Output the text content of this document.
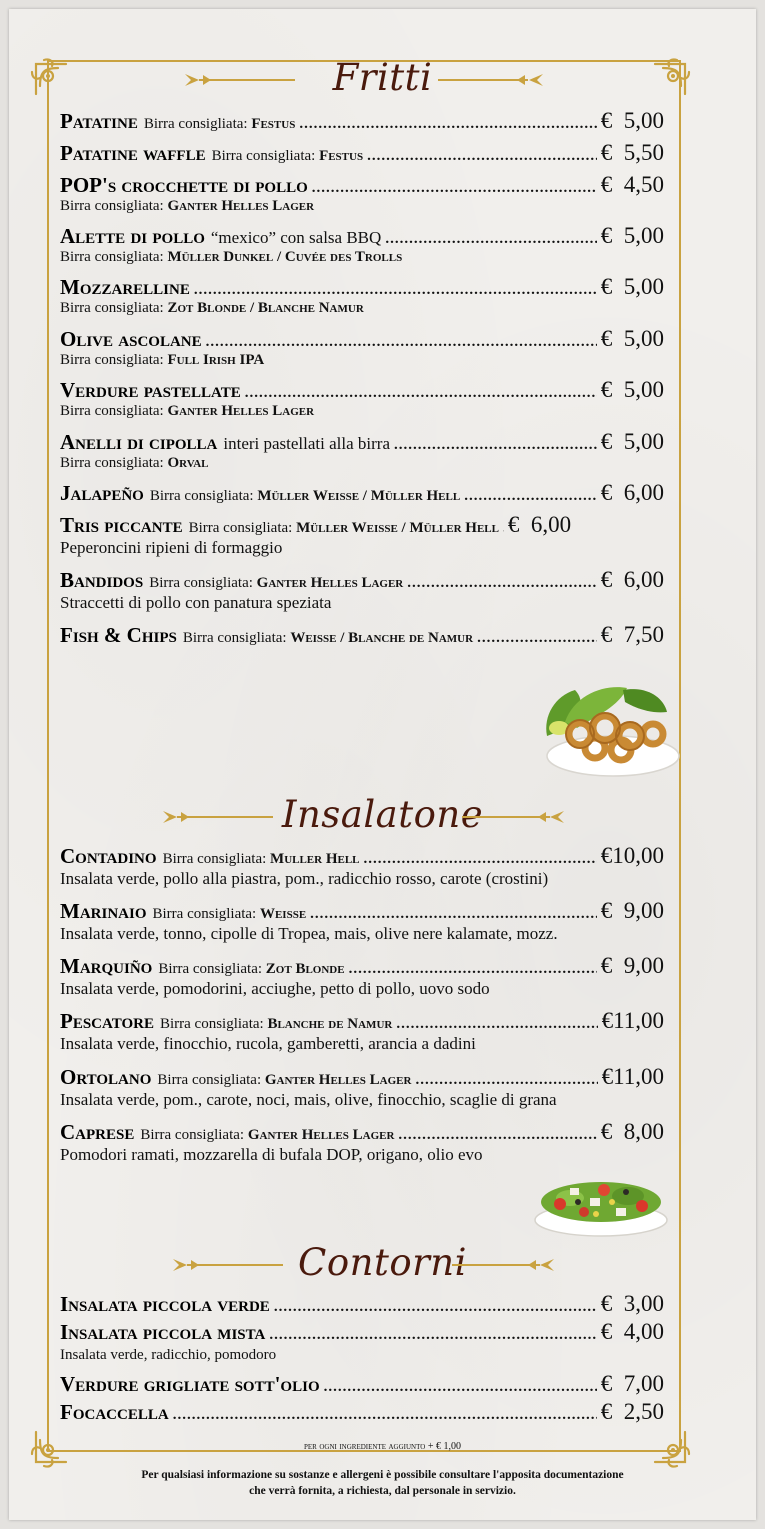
Fritti
Patatine Birra consigliata: Festus .....	€  5,00
Patatine waffle Birra consigliata: Festus .....	€  5,50
POP's crocchette di pollo .....	€  4,50
Birra consigliata: Ganter Helles Lager
Alette di pollo “mexico” con salsa BBQ .....	€  5,00
Birra consigliata: Müller Dunkel / Cuvée des Trolls
Mozzarelline .....	€  5,00
Birra consigliata: Zot Blonde / Blanche Namur
Olive ascolane .....	€  5,00
Birra consigliata: Full Irish IPA
Verdure pastellate .....	€  5,00
Birra consigliata: Ganter Helles Lager
Anelli di cipolla interi pastellati alla birra .....	€  5,00
Birra consigliata: Orval
Jalapeño Birra consigliata: Müller Weisse / Müller Hell .....	€  6,00
Tris piccante Birra consigliata: Müller Weisse / Müller Hell ..... €  6,00
Peperoncini ripieni di formaggio
Bandidos Birra consigliata: Ganter Helles Lager .....	€  6,00
Straccetti di pollo con panatura speziata
Fish & Chips Birra consigliata: Weisse / Blanche de Namur .....	€  7,50
Insalatone
Contadino Birra consigliata: Muller Hell .....	€10,00
Insalata verde, pollo alla piastra, pom., radicchio rosso, carote (crostini)
Marinaio Birra consigliata: Weisse .....	€  9,00
Insalata verde, tonno, cipolle di Tropea, mais, olive nere kalamate, mozz.
Marquiño Birra consigliata: Zot Blonde .....	€  9,00
Insalata verde, pomodorini, acciughe, petto di pollo, uovo sodo
Pescatore Birra consigliata: Blanche de Namur .....	€11,00
Insalata verde, finocchio, rucola, gamberetti, arancia a dadini
Ortolano Birra consigliata: Ganter Helles Lager .....	€11,00
Insalata verde, pom., carote, noci, mais, olive, finocchio, scaglie di grana
Caprese Birra consigliata: Ganter Helles Lager .....	€  8,00
Pomodori ramati, mozzarella di bufala DOP, origano, olio evo
Contorni
Insalata piccola verde .....	€  3,00
Insalata piccola mista .....	€  4,00
Insalata verde, radicchio, pomodoro
Verdure grigliate sott'olio .....	€  7,00
Focaccella .....	€  2,50
per ogni ingrediente aggiunto + € 1,00
Per qualsiasi informazione su sostanze e allergeni è possibile consultare l'apposita documentazione
che verrà fornita, a richiesta, dal personale in servizio.
